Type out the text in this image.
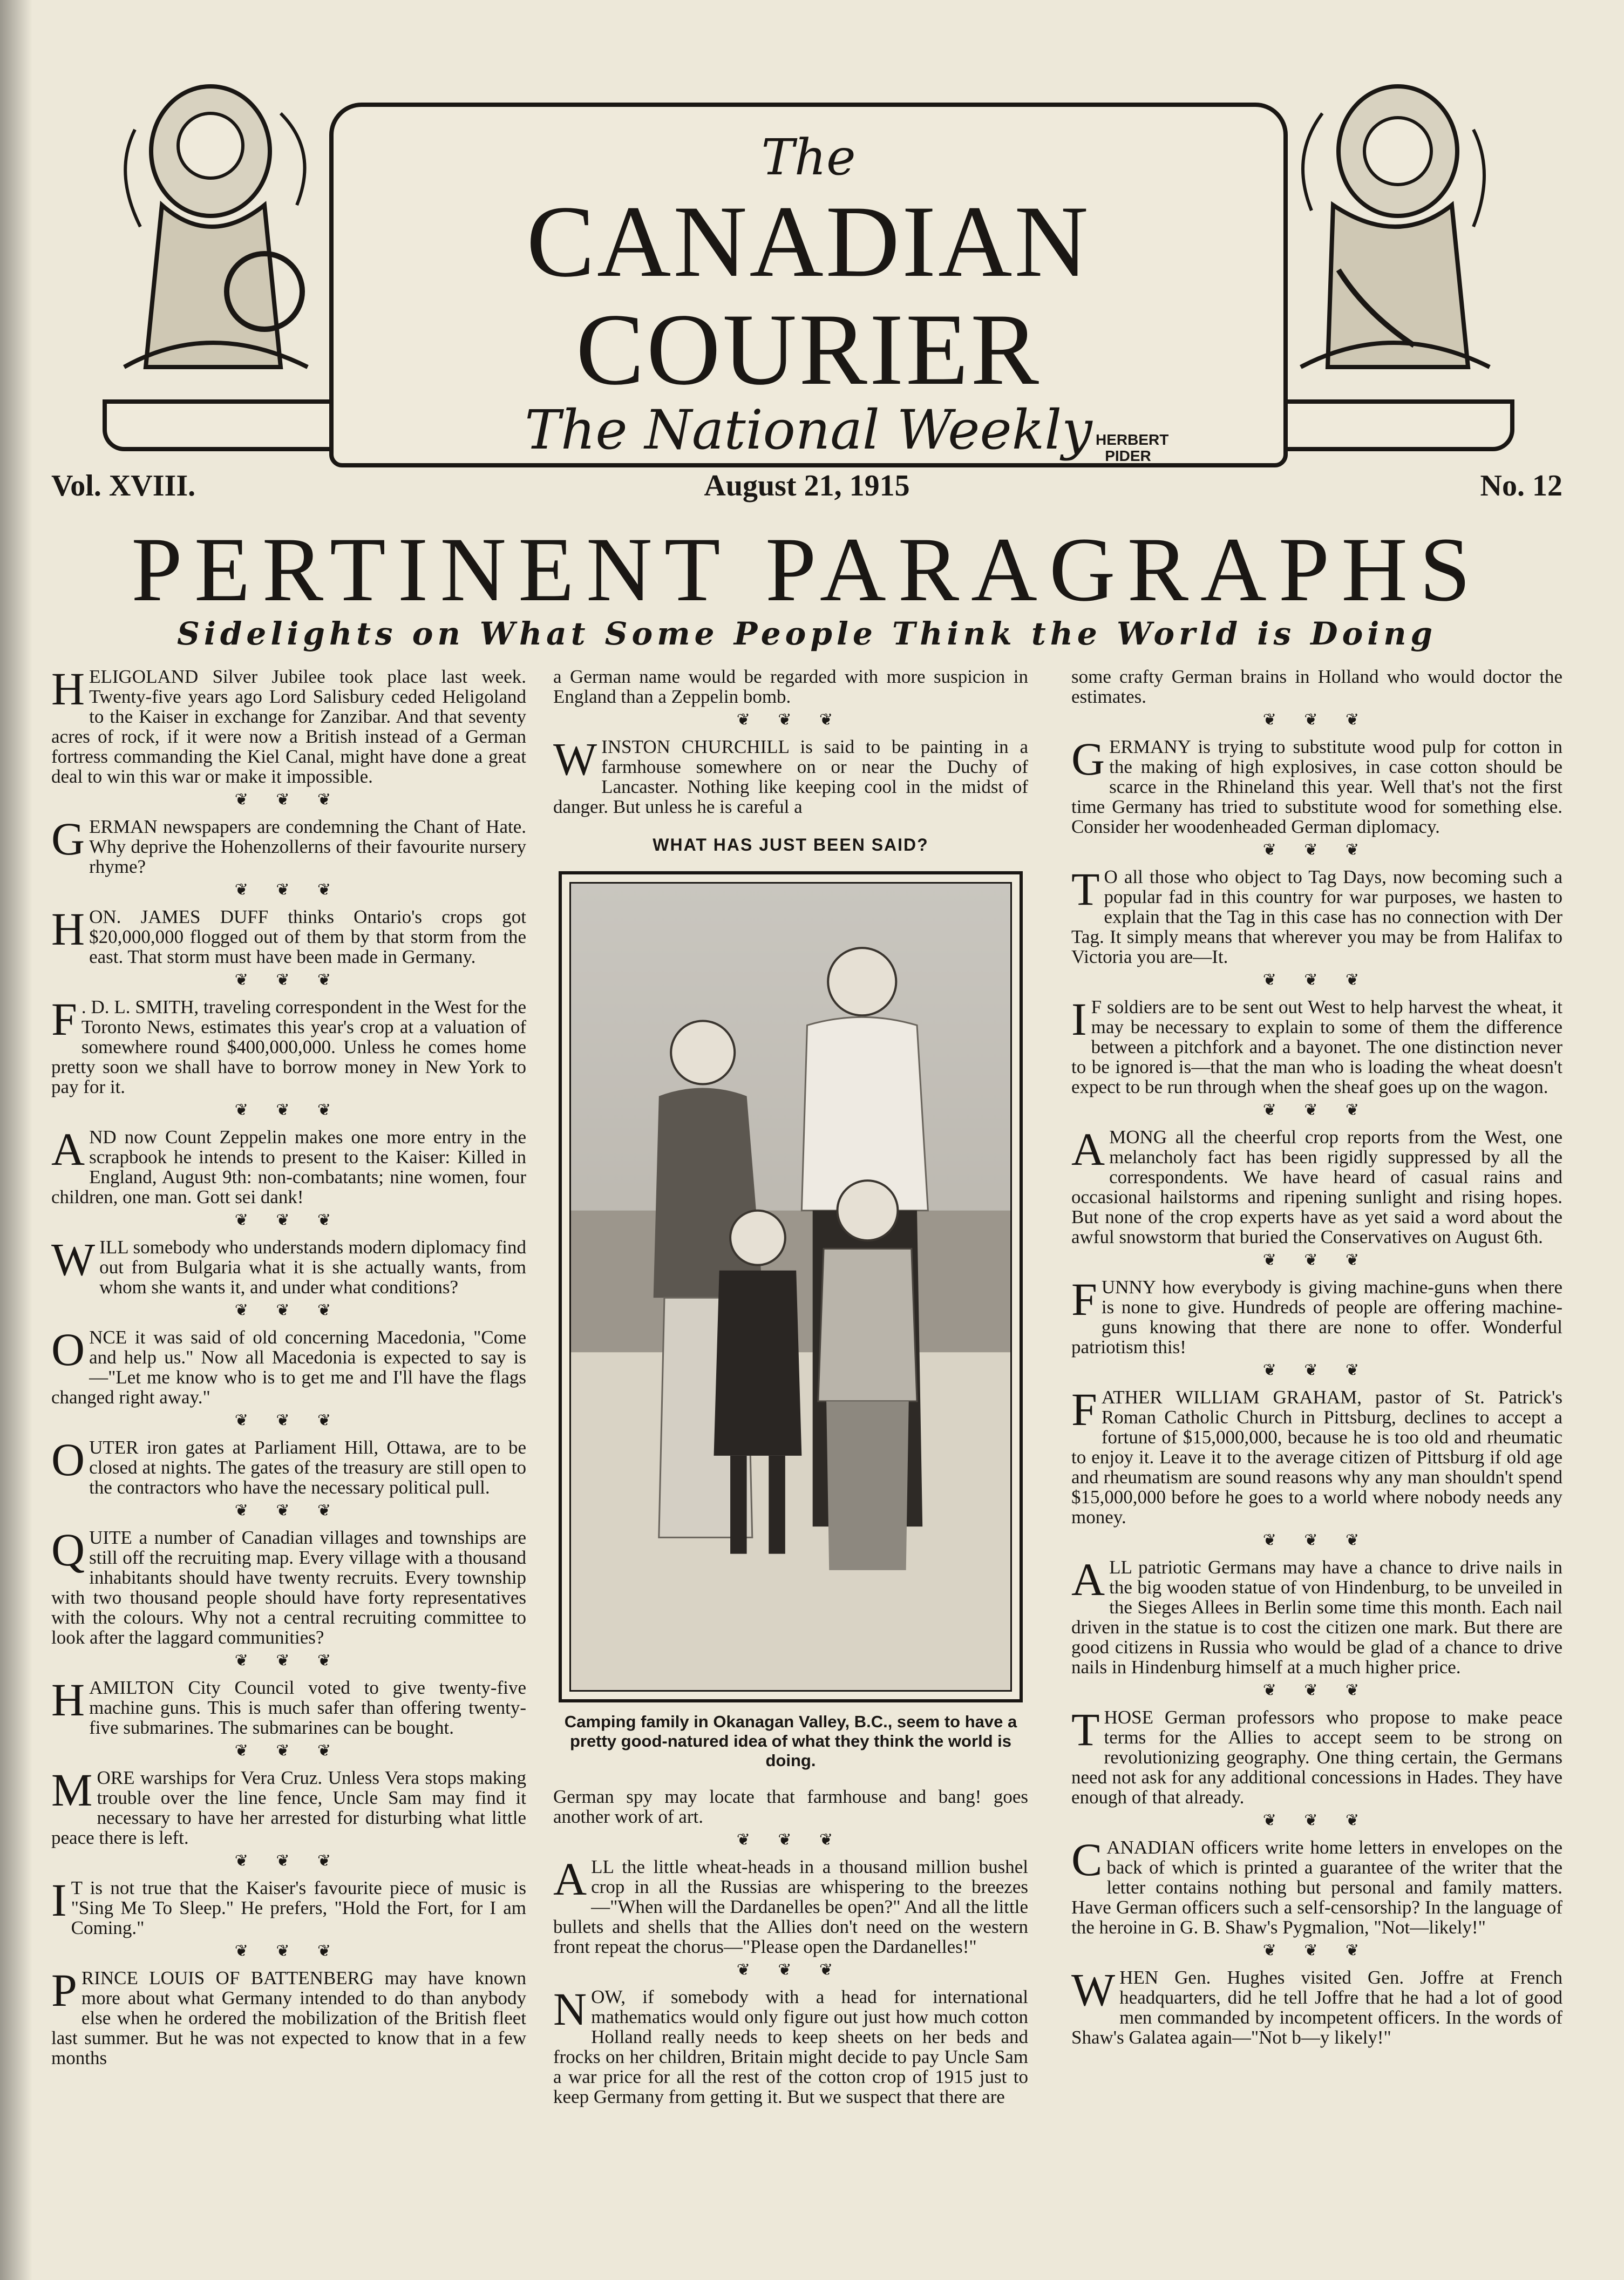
The
CANADIAN
COURIER
The National Weekly HERBERT PIDER
Vol. XVIII.	August 21, 1915	No. 12
PERTINENT PARAGRAPHS
Sidelights on What Some People Think the World is Doing

HELIGOLAND Silver Jubilee took place last week. Twenty-five years ago Lord Salisbury ceded Heligoland to the Kaiser in exchange for Zanzibar. And that seventy acres of rock, if it were now a British instead of a German fortress commanding the Kiel Canal, might have done a great deal to win this war or make it impossible.

❦ ❦ ❦

GERMAN newspapers are condemning the Chant of Hate. Why deprive the Hohenzollerns of their favourite nursery rhyme?

❦ ❦ ❦

HON. JAMES DUFF thinks Ontario's crops got $20,000,000 flogged out of them by that storm from the east. That storm must have been made in Germany.

❦ ❦ ❦

F . D. L. SMITH, traveling correspondent in the West for the Toronto News, estimates this year's crop at a valuation of somewhere round $400,000,000. Unless he comes home pretty soon we shall have to borrow money in New York to pay for it.

❦ ❦ ❦

AND now Count Zeppelin makes one more entry in the scrapbook he intends to present to the Kaiser: Killed in England, August 9th: non-combatants; nine women, four children, one man. Gott sei dank!

❦ ❦ ❦

WILL somebody who understands modern diplomacy find out from Bulgaria what it is she actually wants, from whom she wants it, and under what conditions?

❦ ❦ ❦

ONCE it was said of old concerning Macedonia, "Come and help us." Now all Macedonia is expected to say is—"Let me know who is to get me and I'll have the flags changed right away."

❦ ❦ ❦

OUTER iron gates at Parliament Hill, Ottawa, are to be closed at nights. The gates of the treasury are still open to the contractors who have the necessary political pull.

❦ ❦ ❦

QUITE a number of Canadian villages and townships are still off the recruiting map. Every village with a thousand inhabitants should have twenty recruits. Every township with two thousand people should have forty representatives with the colours. Why not a central recruiting committee to look after the laggard communities?

❦ ❦ ❦

HAMILTON City Council voted to give twenty-five machine guns. This is much safer than offering twenty-five submarines. The submarines can be bought.

❦ ❦ ❦

MORE warships for Vera Cruz. Unless Vera stops making trouble over the line fence, Uncle Sam may find it necessary to have her arrested for disturbing what little peace there is left.

❦ ❦ ❦

IT is not true that the Kaiser's favourite piece of music is "Sing Me To Sleep." He prefers, "Hold the Fort, for I am Coming."

❦ ❦ ❦

PRINCE LOUIS OF BATTENBERG may have known more about what Germany intended to do than anybody else when he ordered the mobilization of the British fleet last summer. But he was not expected to know that in a few months

a German name would be regarded with more suspicion in England than a Zeppelin bomb.

❦ ❦ ❦

WINSTON CHURCHILL is said to be painting in a farmhouse somewhere on or near the Duchy of Lancaster. Nothing like keeping cool in the midst of danger. But unless he is careful a

WHAT HAS JUST BEEN SAID?
Camping family in Okanagan Valley, B.C., seem to have a pretty good-natured idea of what they think the world is doing.

German spy may locate that farmhouse and bang! goes another work of art.

❦ ❦ ❦

ALL the little wheat-heads in a thousand million bushel crop in all the Russias are whispering to the breezes—"When will the Dardanelles be open?" And all the little bullets and shells that the Allies don't need on the western front repeat the chorus—"Please open the Dardanelles!"

❦ ❦ ❦

NOW, if somebody with a head for international mathematics would only figure out just how much cotton Holland really needs to keep sheets on her beds and frocks on her children, Britain might decide to pay Uncle Sam a war price for all the rest of the cotton crop of 1915 just to keep Germany from getting it. But we suspect that there are

some crafty German brains in Holland who would doctor the estimates.

❦ ❦ ❦

GERMANY is trying to substitute wood pulp for cotton in the making of high explosives, in case cotton should be scarce in the Rhineland this year. Well that's not the first time Germany has tried to substitute wood for something else. Consider her woodenheaded German diplomacy.

❦ ❦ ❦

TO all those who object to Tag Days, now becoming such a popular fad in this country for war purposes, we hasten to explain that the Tag in this case has no connection with Der Tag. It simply means that wherever you may be from Halifax to Victoria you are—It.

❦ ❦ ❦

IF soldiers are to be sent out West to help harvest the wheat, it may be necessary to explain to some of them the difference between a pitchfork and a bayonet. The one distinction never to be ignored is—that the man who is loading the wheat doesn't expect to be run through when the sheaf goes up on the wagon.

❦ ❦ ❦

AMONG all the cheerful crop reports from the West, one melancholy fact has been rigidly suppressed by all the correspondents. We have heard of casual rains and occasional hailstorms and ripening sunlight and rising hopes. But none of the crop experts have as yet said a word about the awful snowstorm that buried the Conservatives on August 6th.

❦ ❦ ❦

FUNNY how everybody is giving machine-guns when there is none to give. Hundreds of people are offering machine-guns knowing that there are none to offer. Wonderful patriotism this!

❦ ❦ ❦

FATHER WILLIAM GRAHAM, pastor of St. Patrick's Roman Catholic Church in Pittsburg, declines to accept a fortune of $15,000,000, because he is too old and rheumatic to enjoy it. Leave it to the average citizen of Pittsburg if old age and rheumatism are sound reasons why any man shouldn't spend $15,000,000 before he goes to a world where nobody needs any money.

❦ ❦ ❦

ALL patriotic Germans may have a chance to drive nails in the big wooden statue of von Hindenburg, to be unveiled in the Sieges Allees in Berlin some time this month. Each nail driven in the statue is to cost the citizen one mark. But there are good citizens in Russia who would be glad of a chance to drive nails in Hindenburg himself at a much higher price.

❦ ❦ ❦

THOSE German professors who propose to make peace terms for the Allies to accept seem to be strong on revolutionizing geography. One thing certain, the Germans need not ask for any additional concessions in Hades. They have enough of that already.

❦ ❦ ❦

CANADIAN officers write home letters in envelopes on the back of which is printed a guarantee of the writer that the letter contains nothing but personal and family matters. Have German officers such a self-censorship? In the language of the heroine in G. B. Shaw's Pygmalion, "Not—likely!"

❦ ❦ ❦

WHEN Gen. Hughes visited Gen. Joffre at French headquarters, did he tell Joffre that he had a lot of good men commanded by incompetent officers. In the words of Shaw's Galatea again—"Not b—y likely!"
